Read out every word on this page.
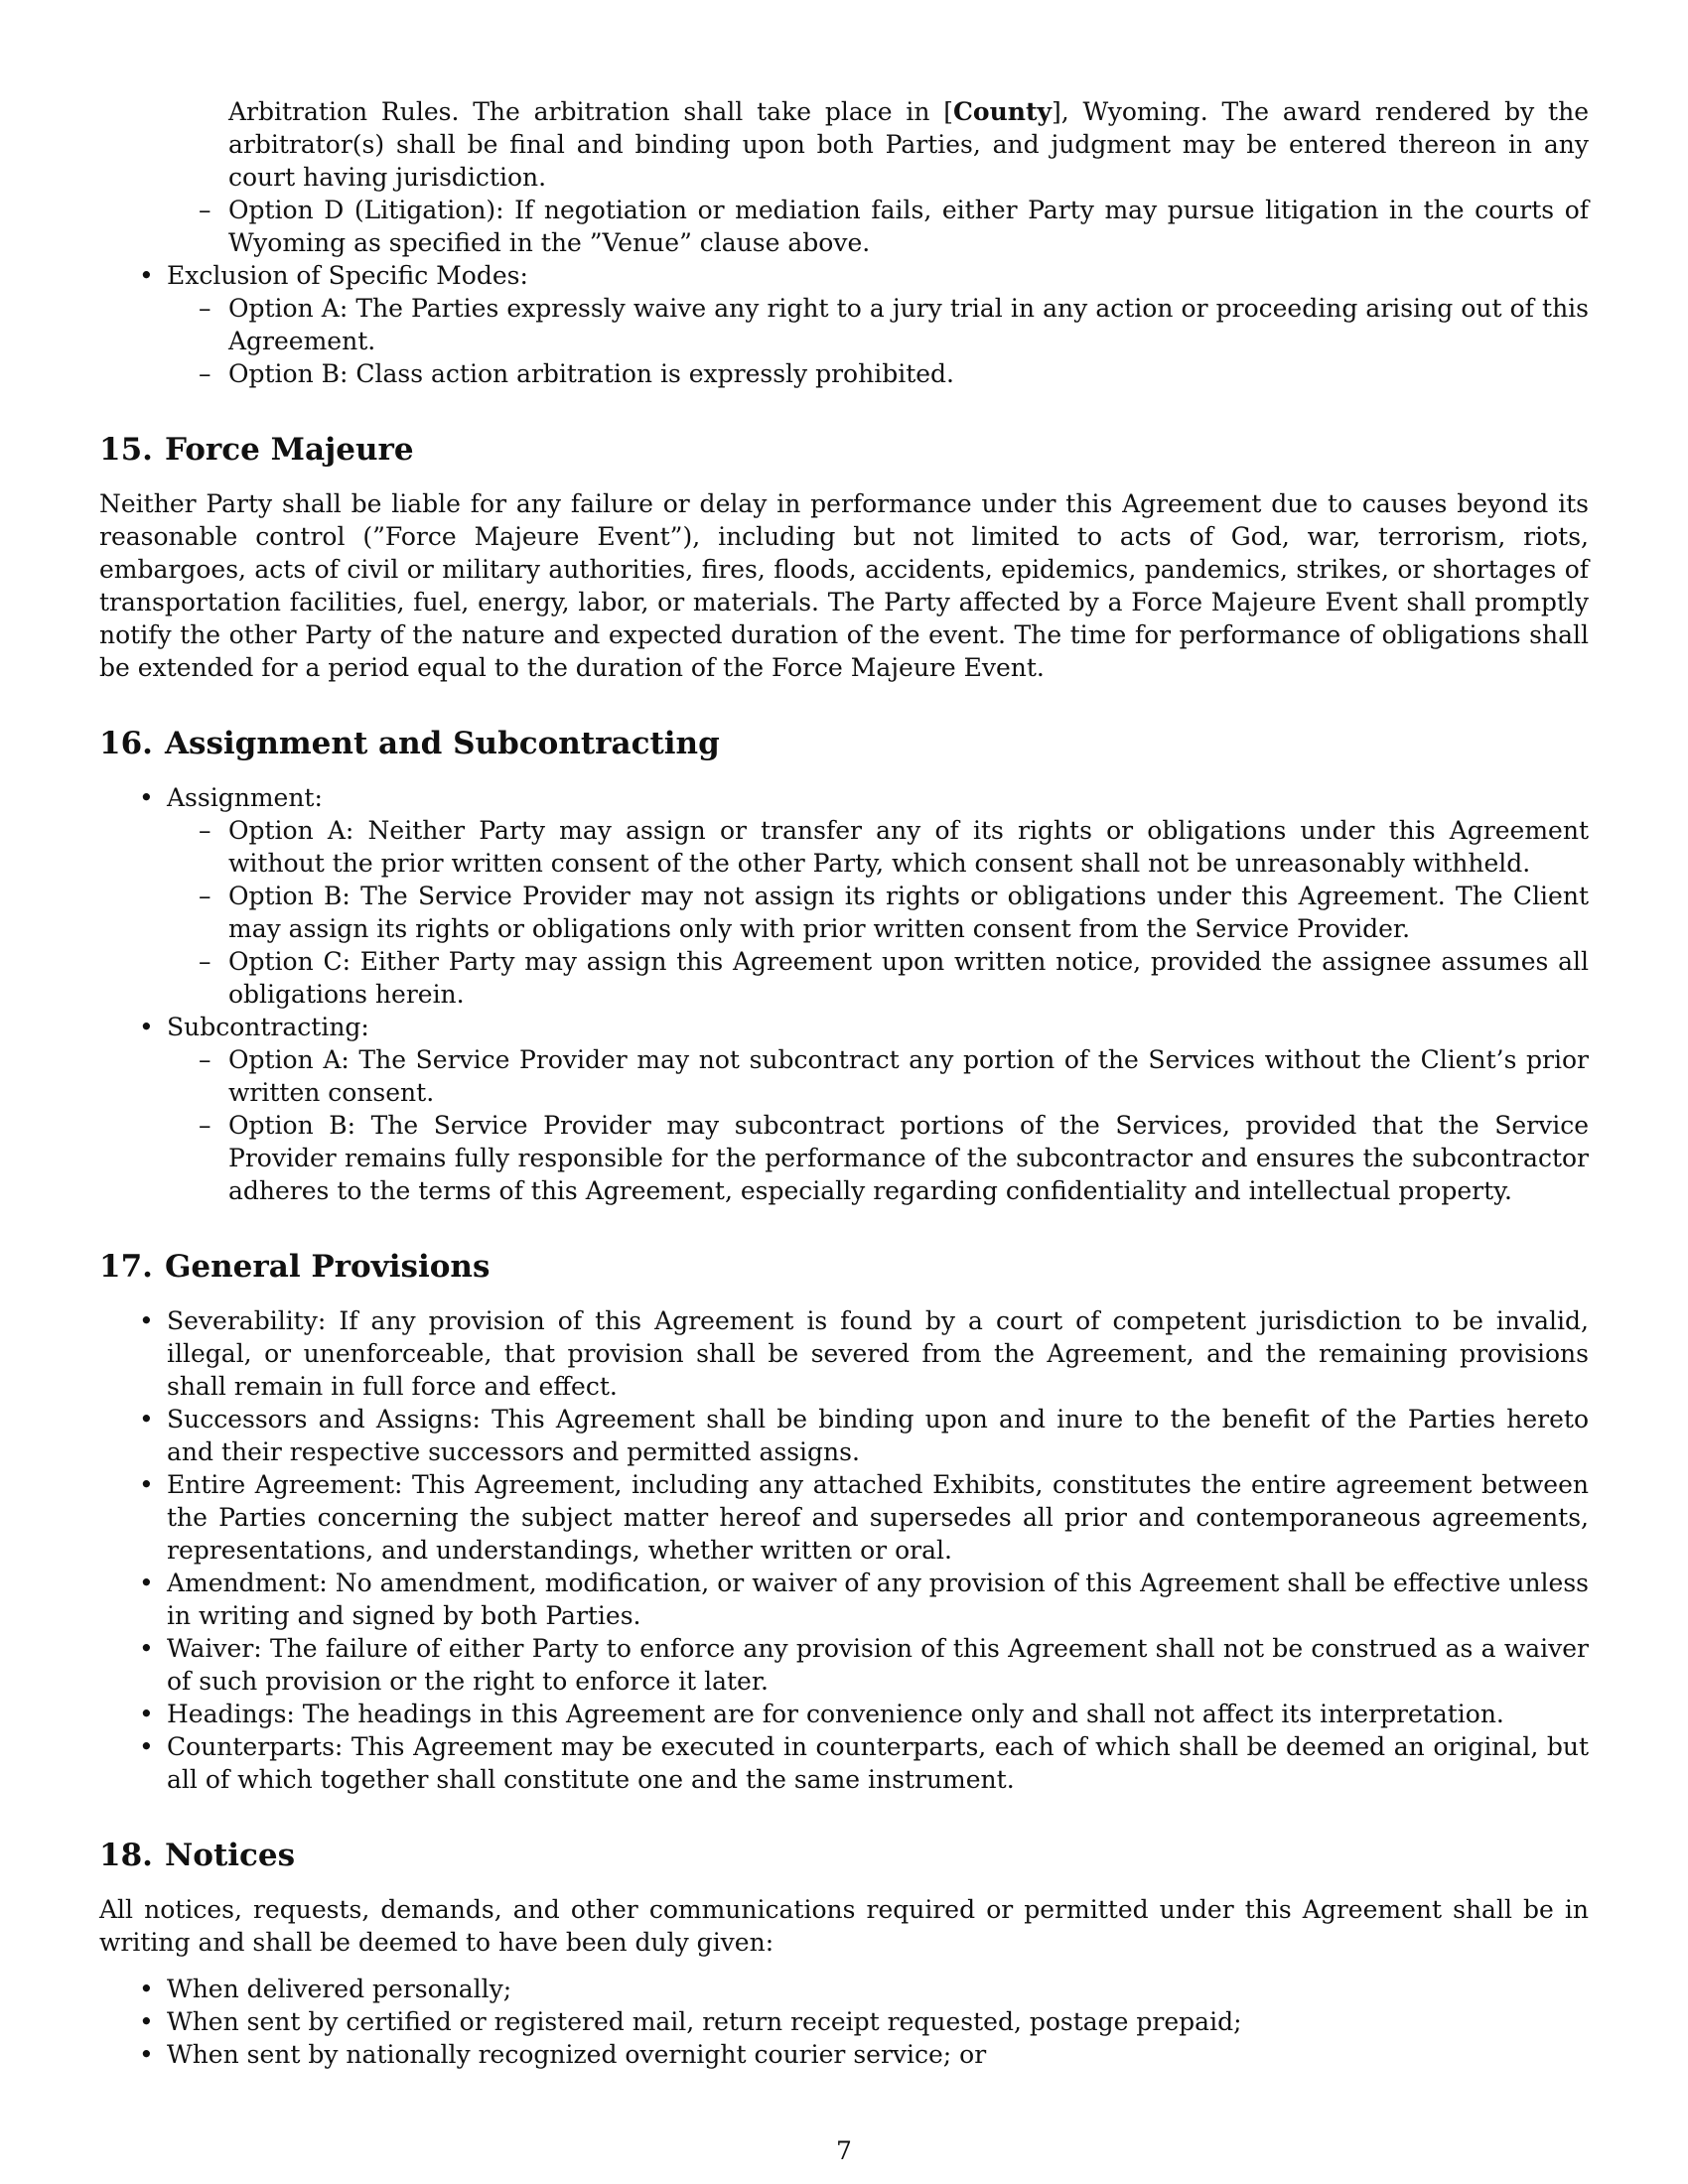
Arbitration Rules. The arbitration shall take place in [County], Wyoming. The award rendered by the arbitrator(s) shall be final and binding upon both Parties, and judgment may be entered thereon in any court having jurisdiction.

– Option D (Litigation): If negotiation or mediation fails, either Party may pursue litigation in the courts of Wyoming as specified in the ”Venue” clause above.
• Exclusion of Specific Modes:
– Option A: The Parties expressly waive any right to a jury trial in any action or proceeding arising out of this Agreement.
– Option B: Class action arbitration is expressly prohibited.
15. Force Majeure

Neither Party shall be liable for any failure or delay in performance under this Agreement due to causes beyond its reasonable control (”Force Majeure Event”), including but not limited to acts of God, war, terrorism, riots, embargoes, acts of civil or military authorities, fires, floods, accidents, epidemics, pandemics, strikes, or shortages of transportation facilities, fuel, energy, labor, or materials. The Party affected by a Force Majeure Event shall promptly notify the other Party of the nature and expected duration of the event. The time for performance of obligations shall be extended for a period equal to the duration of the Force Majeure Event.

16. Assignment and Subcontracting
• Assignment:
– Option A: Neither Party may assign or transfer any of its rights or obligations under this Agreement without the prior written consent of the other Party, which consent shall not be unreasonably withheld.
– Option B: The Service Provider may not assign its rights or obligations under this Agreement. The Client may assign its rights or obligations only with prior written consent from the Service Provider.
– Option C: Either Party may assign this Agreement upon written notice, provided the assignee assumes all obligations herein.
• Subcontracting:
– Option A: The Service Provider may not subcontract any portion of the Services without the Client’s prior written consent.
– Option B: The Service Provider may subcontract portions of the Services, provided that the Service Provider remains fully responsible for the performance of the subcontractor and ensures the subcontractor adheres to the terms of this Agreement, especially regarding confidentiality and intellectual property.
17. General Provisions
• Severability: If any provision of this Agreement is found by a court of competent jurisdiction to be invalid, illegal, or unenforceable, that provision shall be severed from the Agreement, and the remaining provisions shall remain in full force and effect.
• Successors and Assigns: This Agreement shall be binding upon and inure to the benefit of the Parties hereto and their respective successors and permitted assigns.
• Entire Agreement: This Agreement, including any attached Exhibits, constitutes the entire agreement between the Parties concerning the subject matter hereof and supersedes all prior and contemporaneous agreements, representations, and understandings, whether written or oral.
• Amendment: No amendment, modification, or waiver of any provision of this Agreement shall be effective unless in writing and signed by both Parties.
• Waiver: The failure of either Party to enforce any provision of this Agreement shall not be construed as a waiver of such provision or the right to enforce it later.
• Headings: The headings in this Agreement are for convenience only and shall not affect its interpretation.
• Counterparts: This Agreement may be executed in counterparts, each of which shall be deemed an original, but all of which together shall constitute one and the same instrument.
18. Notices

All notices, requests, demands, and other communications required or permitted under this Agreement shall be in writing and shall be deemed to have been duly given:

• When delivered personally;
• When sent by certified or registered mail, return receipt requested, postage prepaid;
• When sent by nationally recognized overnight courier service; or
7
